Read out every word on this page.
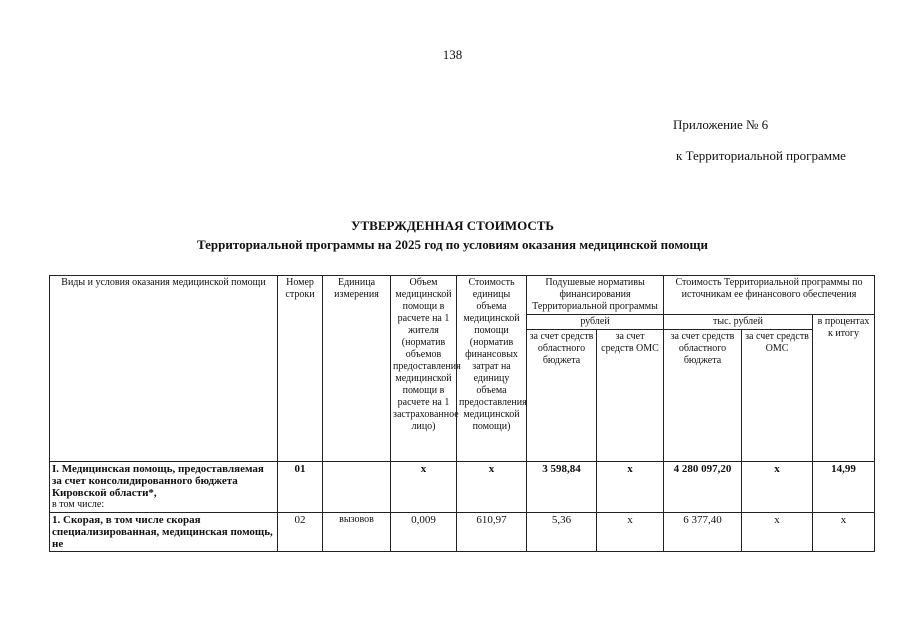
138
Приложение № 6
к Территориальной программе
УТВЕРЖДЕННАЯ СТОИМОСТЬ
Территориальной программы на 2025 год по условиям оказания медицинской помощи
Виды и условия оказания медицинской помощи	Номер строки	Единица измерения	Объем медицинской помощи в расчете на 1 жителя (норматив объемов предоставления медицинской помощи в расчете на 1 застрахованное лицо)	Стоимость единицы объема медицинской помощи (норматив финансовых затрат на единицу объема предоставления медицинской помощи)	Подушевые нормативы финансирования Территориальной программы		Стоимость Территориальной программы по источникам ее финансового обеспечения		
					рублей		тыс. рублей		в процентах к итогу
					за счет средств областного бюджета	за счет средств ОМС	за счет средств областного бюджета	за счет средств ОМС	

I. Медицинская помощь, предоставляемая за счет консолидированного бюджета Кировской области*,
в том числе:	01		х	х	3 598,84	х	4 280 097,20	х	14,99
1. Скорая, в том числе скорая специализированная, медицинская помощь, не	02	вызовов	0,009	610,97	5,36	х	6 377,40	х	х
